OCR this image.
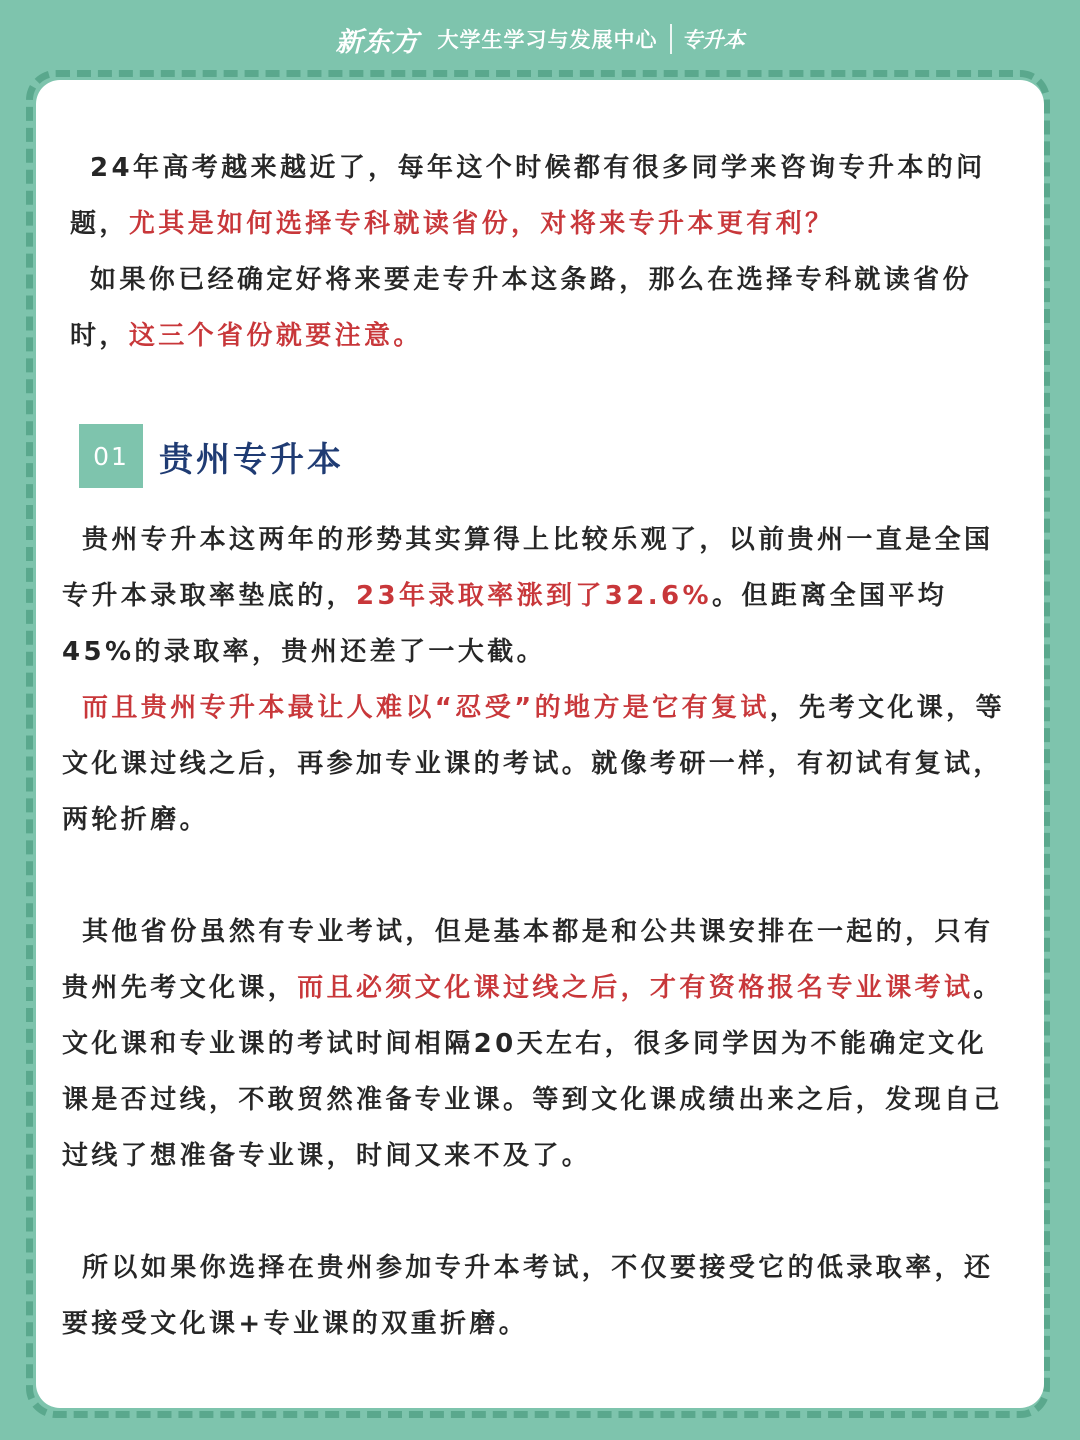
新东方 大学生学习与发展中心 专升本

24年高考越来越近了，每年这个时候都有很多同学来咨询专升本的问题，尤其是如何选择专科就读省份，对将来专升本更有利？

如果你已经确定好将来要走专升本这条路，那么在选择专科就读省份时，这三个省份就要注意。

01 贵州专升本

贵州专升本这两年的形势其实算得上比较乐观了，以前贵州一直是全国专升本录取率垫底的，23年录取率涨到了32.6%。但距离全国平均45%的录取率，贵州还差了一大截。

而且贵州专升本最让人难以“忍受”的地方是它有复试，先考文化课，等文化课过线之后，再参加专业课的考试。就像考研一样，有初试有复试，两轮折磨。

其他省份虽然有专业考试，但是基本都是和公共课安排在一起的，只有贵州先考文化课，而且必须文化课过线之后，才有资格报名专业课考试。文化课和专业课的考试时间相隔20天左右，很多同学因为不能确定文化课是否过线，不敢贸然准备专业课。等到文化课成绩出来之后，发现自己过线了想准备专业课，时间又来不及了。

所以如果你选择在贵州参加专升本考试，不仅要接受它的低录取率，还要接受文化课+专业课的双重折磨。
